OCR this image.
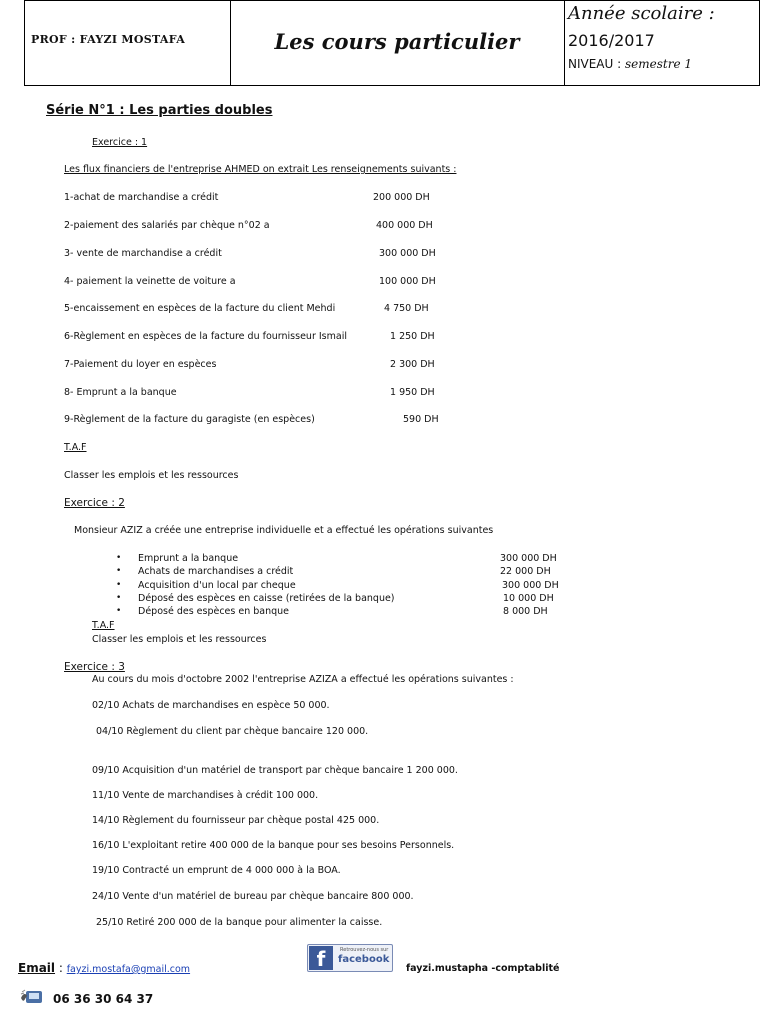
PROF : FAYZI MOSTAFA	Les cours particulier
Année scolaire :
2016/2017
NIVEAU : semestre 1
Série N°1 : Les parties doubles
Exercice : 1
Les flux financiers de l'entreprise AHMED on extrait Les renseignements suivants :
1-achat de marchandise a crédit	200 000 DH
2-paiement des salariés par chèque n°02 a	400 000 DH
3- vente de marchandise a crédit	300 000 DH
4- paiement la veinette de voiture a	100 000 DH
5-encaissement en espèces de la facture du client Mehdi	4 750 DH
6-Règlement en espèces de la facture du fournisseur Ismail	1 250 DH
7-Paiement du loyer en espèces	2 300 DH
8- Emprunt a la banque	1 950 DH
9-Règlement de la facture du garagiste (en espèces)	590 DH
T.A.F
Classer les emplois et les ressources
Exercice : 2
Monsieur AZIZ a créée une entreprise individuelle et a effectué les opérations suivantes
• Emprunt a la banque	300 000 DH
• Achats de marchandises a crédit	22 000 DH
• Acquisition d'un local par cheque	300 000 DH
• Déposé des espèces en caisse (retirées de la banque)	10 000 DH
• Déposé des espèces en banque	8 000 DH
T.A.F
Classer les emplois et les ressources
Exercice : 3
Au cours du mois d'octobre 2002 l'entreprise AZIZA a effectué les opérations suivantes :
02/10 Achats de marchandises en espèce 50 000.
04/10 Règlement du client par chèque bancaire 120 000.
09/10 Acquisition d'un matériel de transport par chèque bancaire 1 200 000.
11/10 Vente de marchandises à crédit 100 000.
14/10 Règlement du fournisseur par chèque postal 425 000.
16/10 L'exploitant retire 400 000 de la banque pour ses besoins Personnels.
19/10 Contracté un emprunt de 4 000 000 à la BOA.
24/10 Vente d'un matériel de bureau par chèque bancaire 800 000.
25/10 Retiré 200 000 de la banque pour alimenter la caisse.
Email : fayzi.mostafa@gmail.com	f	Retrouvez-nous sur
facebook
fayzi.mustapha -comptablité
06 36 30 64 37
